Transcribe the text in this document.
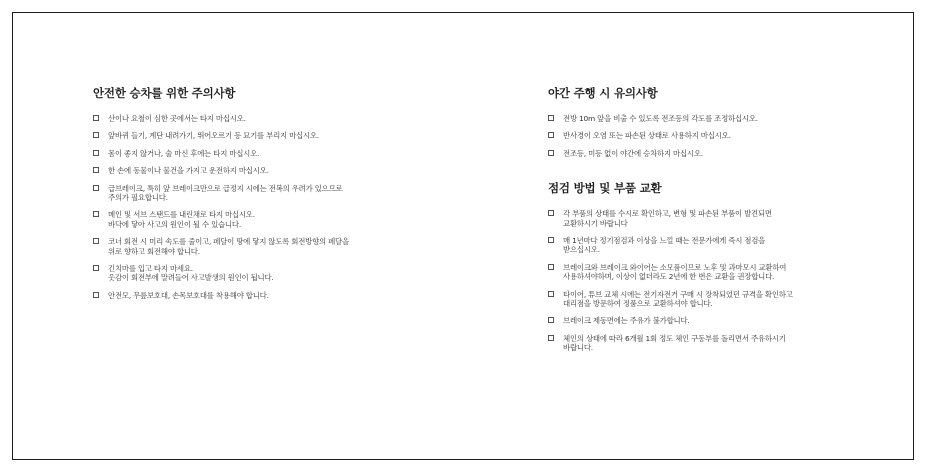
안전한 승차를 위한 주의사항
산이나 요철이 심한 곳에서는 타지 마십시오.
앞바퀴 들기, 계단 내려가기, 뛰어오르기 등 묘기를 부리지 마십시오.
몸이 좋지 않거나, 술 마신 후에는 타지 마십시오.
한 손에 동물이나 물건을 가지고 운전하지 마십시오.
급브레이크, 특히 앞 브레이크만으로 급정지 시에는 전복의 우려가 있으므로
주의가 필요합니다.
메인 및 서브 스탠드를 내린채로 타지 마십시오.
바닥에 닿아 사고의 원인이 될 수 있습니다.
코너 회전 시 미리 속도를 줄이고, 페달이 땅에 닿지 않도록 회전방향의 페달을
위로 향하고 회전해야 합니다.
긴치마를 입고 타지 마세요.
옷감이 회전부에 말려들어 사고발생의 원인이 됩니다.
안전모, 무릎보호대, 손목보호대를 착용해야 합니다.
야간 주행 시 유의사항
전방 10m 앞을 비출 수 있도록 전조등의 각도를 조정하십시오.
반사경이 오염 또는 파손된 상태로 사용하지 마십시오.
전조등, 미등 없이 야간에 승차하지 마십시오.
점검 방법 및 부품 교환
각 부품의 상태를 수시로 확인하고, 변형 및 파손된 부품이 발견되면
교환하시기 바랍니다
매 1년마다 정기점검과 이상을 느낄 때는 전문가에게 즉시 점검을
받으십시오.
브레이크와 브레이크 와이어는 소모품이므로 노후 및 과마모시 교환하여
사용하셔야하며, 이상이 없더라도 2년에 한 번은 교환을 권장합니다.
타이어, 튜브 교체 시에는 전기자전거 구매 시 장착되었던 규격을 확인하고
대리점을 방문하여 정품으로 교환하셔야 합니다.
브레이크 제동면에는 주유가 불가합니다.
체인의 상태에 따라 6개월 1회 정도 체인 구동부를 돌리면서 주유하시기
바랍니다.
